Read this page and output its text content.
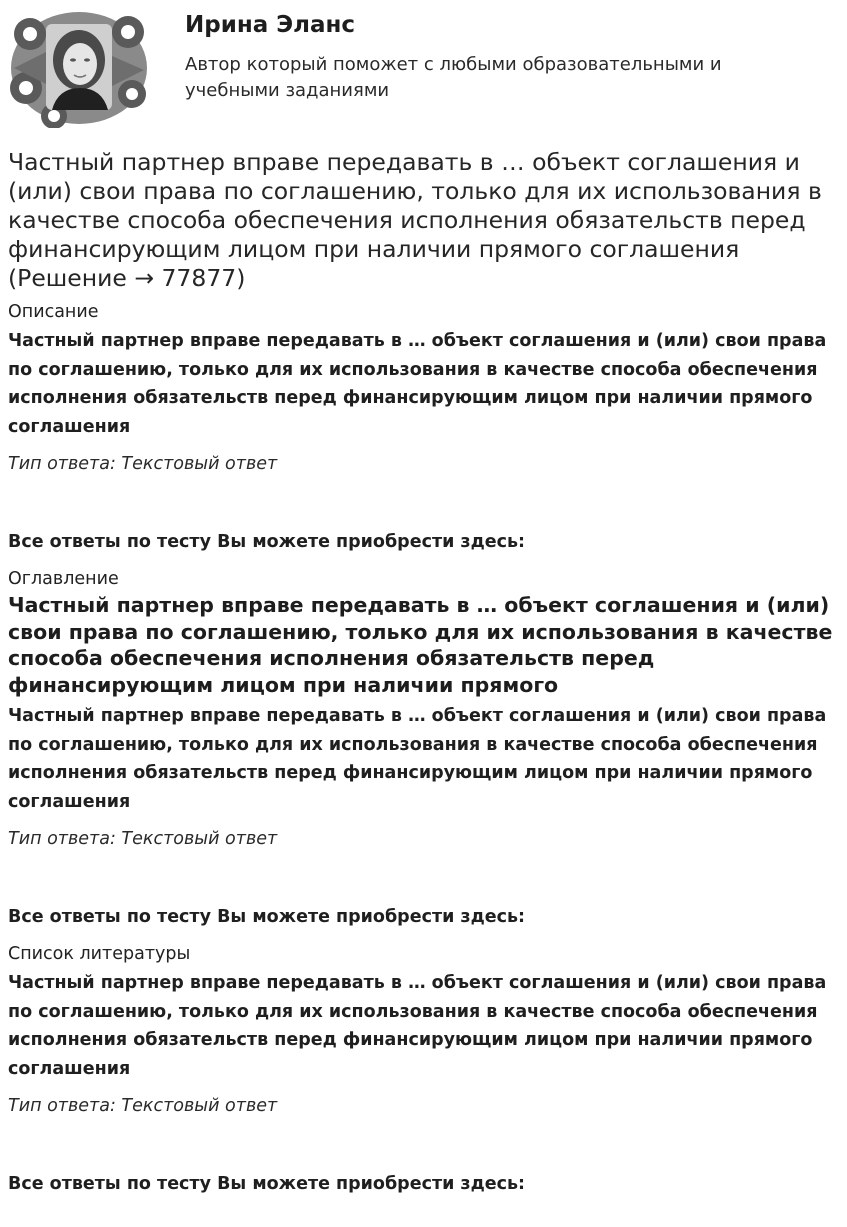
Ирина Эланс
Автор который поможет с любыми образовательными и учебными заданиями
Частный партнер вправе передавать в … объект соглашения и (или) свои права по соглашению, только для их использования в качестве способа обеспечения исполнения обязательств перед финансирующим лицом при наличии прямого соглашения (Решение → 77877)
Описание
Частный партнер вправе передавать в … объект соглашения и (или) свои права по соглашению, только для их использования в качестве способа обеспечения исполнения обязательств перед финансирующим лицом при наличии прямого соглашения
Тип ответа: Текстовый ответ
Все ответы по тесту Вы можете приобрести здесь:
Оглавление
Частный партнер вправе передавать в … объект соглашения и (или) свои права по соглашению, только для их использования в качестве способа обеспечения исполнения обязательств перед финансирующим лицом при наличии прямого
Частный партнер вправе передавать в … объект соглашения и (или) свои права по соглашению, только для их использования в качестве способа обеспечения исполнения обязательств перед финансирующим лицом при наличии прямого соглашения
Тип ответа: Текстовый ответ
Все ответы по тесту Вы можете приобрести здесь:
Список литературы
Частный партнер вправе передавать в … объект соглашения и (или) свои права по соглашению, только для их использования в качестве способа обеспечения исполнения обязательств перед финансирующим лицом при наличии прямого соглашения
Тип ответа: Текстовый ответ
Все ответы по тесту Вы можете приобрести здесь:
